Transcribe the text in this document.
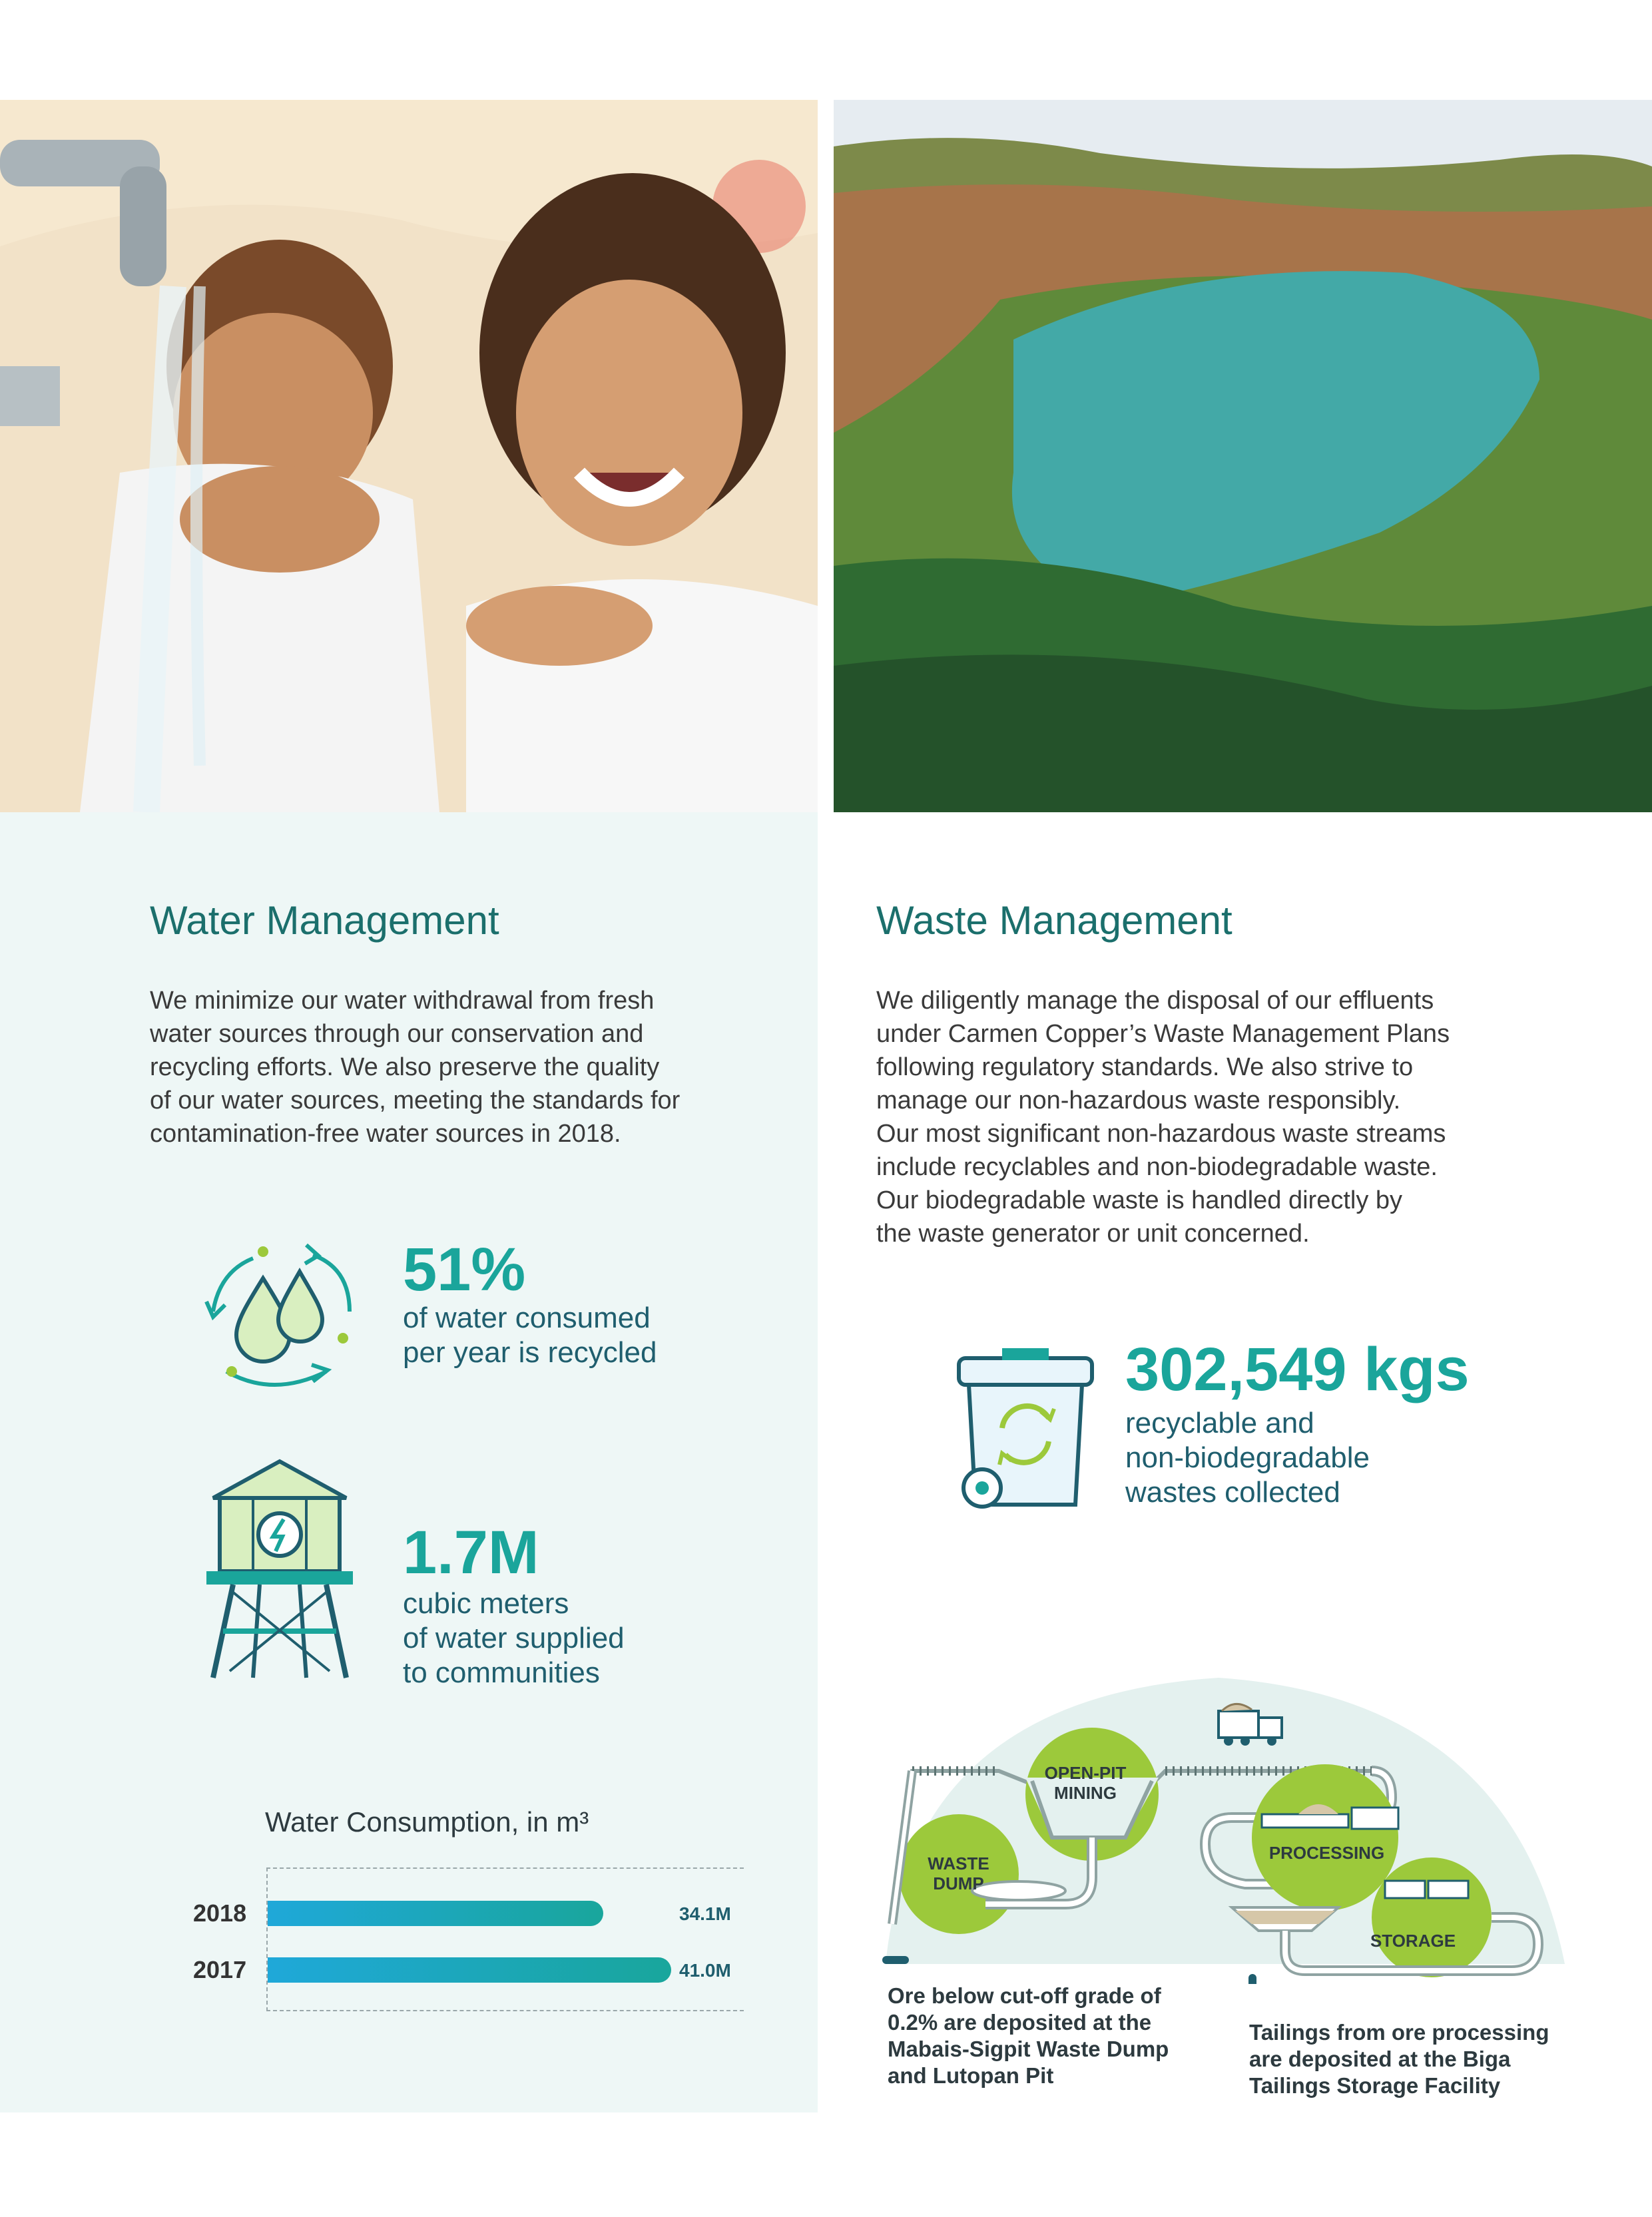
Water Management
We minimize our water withdrawal from fresh
water sources through our conservation and
recycling efforts. We also preserve the quality
of our water sources, meeting the standards for
contamination-free water sources in 2018.
51%
of water consumed
per year is recycled
1.7M
cubic meters
of water supplied
to communities
Water Consumption, in m³
2018	34.1M
2017	41.0M
Waste Management
We diligently manage the disposal of our effluents
under Carmen Copper’s Waste Management Plans
following regulatory standards. We also strive to
manage our non-hazardous waste responsibly.
Our most significant non-hazardous waste streams
include recyclables and non-biodegradable waste.
Our biodegradable waste is handled directly by
the waste generator or unit concerned.
302,549 kgs
recyclable and
non-biodegradable
wastes collected
OPEN-PIT
MINING
WASTE
DUMP
PROCESSING
STORAGE
Ore below cut-off grade of
0.2% are deposited at the
Mabais-Sigpit Waste Dump
and Lutopan Pit
Tailings from ore processing
are deposited at the Biga
Tailings Storage Facility
